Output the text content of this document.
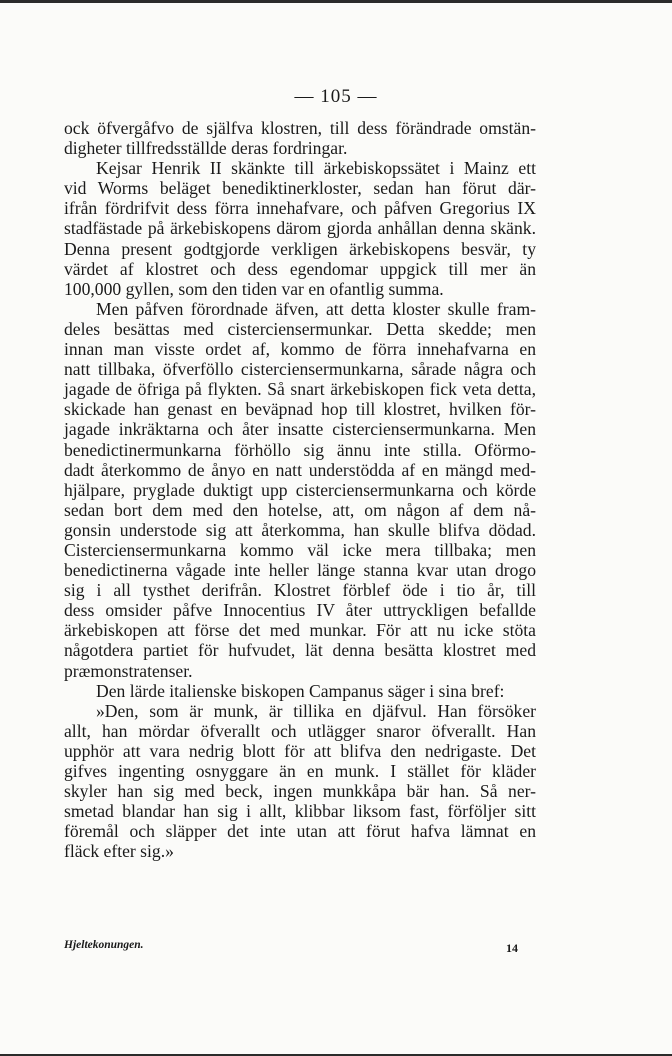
— 105 —

ock öfvergåfvo de själfva klostren, till dess förändrade omstän-
digheter tillfredsställde deras fordringar.

Kejsar Henrik II skänkte till ärkebiskopssätet i Mainz ett
vid Worms beläget benediktinerkloster, sedan han förut där-
ifrån fördrifvit dess förra innehafvare, och påfven Gregorius IX
stadfästade på ärkebiskopens därom gjorda anhållan denna skänk.
Denna present godtgjorde verkligen ärkebiskopens besvär, ty
värdet af klostret och dess egendomar uppgick till mer än
100,000 gyllen, som den tiden var en ofantlig summa.

Men påfven förordnade äfven, att detta kloster skulle fram-
deles besättas med cisterciensermunkar. Detta skedde; men
innan man visste ordet af, kommo de förra innehafvarna en
natt tillbaka, öfverföllo cisterciensermunkarna, sårade några och
jagade de öfriga på flykten. Så snart ärkebiskopen fick veta detta,
skickade han genast en beväpnad hop till klostret, hvilken för-
jagade inkräktarna och åter insatte cisterciensermunkarna. Men
benedictinermunkarna förhöllo sig ännu inte stilla. Oförmo-
dadt återkommo de ånyo en natt understödda af en mängd med-
hjälpare, pryglade duktigt upp cisterciensermunkarna och körde
sedan bort dem med den hotelse, att, om någon af dem nå-
gonsin understode sig att återkomma, han skulle blifva dödad.
Cisterciensermunkarna kommo väl icke mera tillbaka; men
benedictinerna vågade inte heller länge stanna kvar utan drogo
sig i all tysthet derifrån. Klostret förblef öde i tio år, till
dess omsider påfve Innocentius IV åter uttryckligen befallde
ärkebiskopen att förse det med munkar. För att nu icke stöta
någotdera partiet för hufvudet, lät denna besätta klostret med
præmonstratenser.

Den lärde italienske biskopen Campanus säger i sina bref:

»Den, som är munk, är tillika en djäfvul. Han försöker
allt, han mördar öfverallt och utlägger snaror öfverallt. Han
upphör att vara nedrig blott för att blifva den nedrigaste. Det
gifves ingenting osnyggare än en munk. I stället för kläder
skyler han sig med beck, ingen munkkåpa bär han. Så ner-
smetad blandar han sig i allt, klibbar liksom fast, förföljer sitt
föremål och släpper det inte utan att förut hafva lämnat en
fläck efter sig.»

Hjeltekonungen.	14
